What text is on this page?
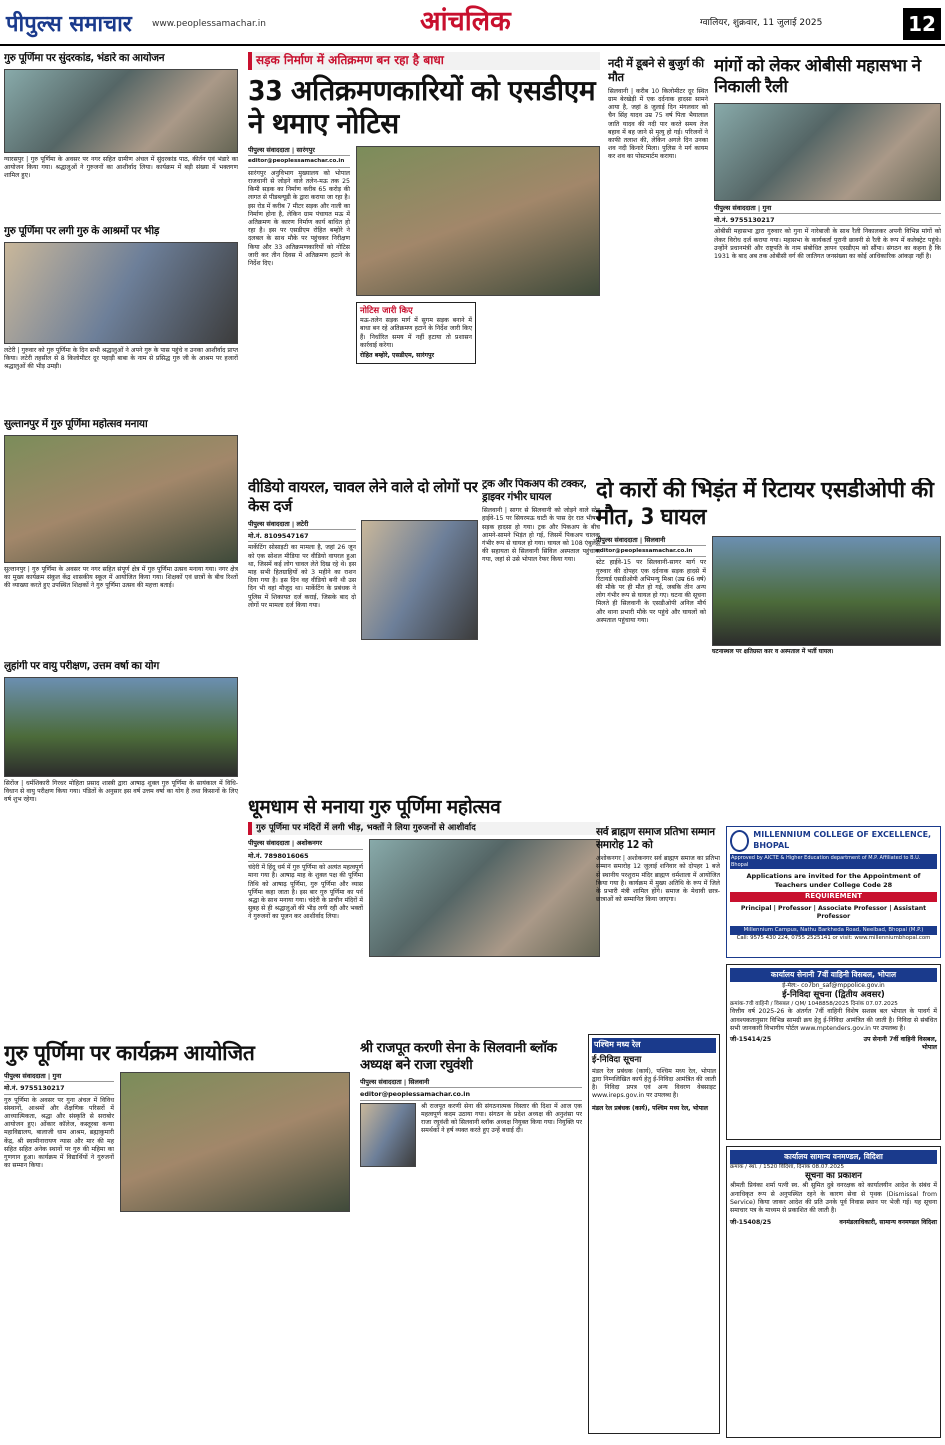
पीपुल्स समाचार www.peoplessamachar.in	आंचलिक	ग्वालियर, शुक्रवार, 11 जुलाई 2025	12
गुरु पूर्णिमा पर सुंदरकांड, भंडारे का आयोजन
ग्यारसपुर | गुरु पूर्णिमा के अवसर पर नगर सहित ग्रामीण अंचल में सुंदरकांड पाठ, कीर्तन एवं भंडारे का आयोजन किया गया। श्रद्धालुओं ने गुरुजनों का आशीर्वाद लिया। कार्यक्रम में बड़ी संख्या में भक्तगण शामिल हुए।
गुरु पूर्णिमा पर लगी गुरु के आश्रमों पर भीड़
लटेरी | गुरुवार को गुरु पूर्णिमा के दिन सभी श्रद्धालुओं ने अपने गुरु के पास पहुंचे व उनका आशीर्वाद प्राप्त किया। लटेरी तहसील से 8 किलोमीटर दूर पहाड़ी बाबा के नाम से प्रसिद्ध गुरु जी के आश्रम पर हजारों श्रद्धालुओं की भीड़ उमड़ी।
सुल्तानपुर में गुरु पूर्णिमा महोत्सव मनाया
सुल्तानपुर | गुरु पूर्णिमा के अवसर पर नगर सहित संपूर्ण क्षेत्र में गुरु पूर्णिमा उत्सव मनाया गया। नगर क्षेत्र का मुख्य कार्यक्रम संकुल केंद्र शासकीय स्कूल में आयोजित किया गया। शिक्षकों एवं छात्रों के बीच रिश्तों की व्याख्या करते हुए उपस्थित शिक्षकों ने गुरु पूर्णिमा उत्सव की महत्ता बताई।
लुहांगी पर वायु परीक्षण, उत्तम वर्षा का योग
सिरोंज | धर्मशिकारी गिरधर मोहिता प्रसाद शास्त्री द्वारा आषाढ़ शुक्ल गुरु पूर्णिमा के सायंकाल में विधि-विधान से वायु परीक्षण किया गया। पंडितों के अनुसार इस वर्ष उत्तम वर्षा का योग है तथा किसानों के लिए वर्ष शुभ रहेगा।
सड़क निर्माण में अतिक्रमण बन रहा है बाधा
33 अतिक्रमणकारियों को एसडीएम ने थमाए नोटिस
पीपुल्स संवाददाता | सारंगपुर
editor@peoplessamachar.co.in
सारंगपुर अनुविभाग मुख्यालय को भोपाल राजधानी से जोड़ने वाले तलेन-मऊ तक 25 किमी सड़क का निर्माण करीब 65 करोड़ की लागत से पीडब्ल्यूडी के द्वारा कराया जा रहा है। इस रोड में करीब 7 मीटर सड़क और नाली का निर्माण होना है, लेकिन ग्राम पंचायत मऊ में अतिक्रमण के कारण निर्माण कार्य बाधित हो रहा है। इस पर एसडीएम रोहित बम्होरे ने दलबल के साथ मौके पर पहुंचकर निरीक्षण किया और 33 अतिक्रमणकारियों को नोटिस जारी कर तीन दिवस में अतिक्रमण हटाने के निर्देश दिए।
नोटिस जारी किए
मऊ-तलेन सड़क मार्ग में सुगम सड़क बनाने में बाधा बन रहे अतिक्रमण हटाने के निर्देश जारी किए हैं। निर्धारित समय में नहीं हटाया तो प्रशासन कार्रवाई करेगा।
रोहित बम्होरे, एसडीएम, सारंगपुर
वीडियो वायरल, चावल लेने वाले दो लोगों पर केस दर्ज
पीपुल्स संवाददाता | लटेरी
मो.नं. 8109547167
मार्केटिंग सोसाइटी का मामला है, जहां 26 जून को एक सोशल मीडिया पर वीडियो वायरल हुआ था, जिसमें कई लोग चावल लेते दिख रहे थे। इस माह सभी हितग्राहियों को 3 महीने का राशन दिया गया है। इस दिन वह वीडियो बनी थी उस दिन भी वहां मौजूद था। मार्केटिंग के प्रबंधक ने पुलिस में शिकायत दर्ज कराई, जिसके बाद दो लोगों पर मामला दर्ज किया गया।
ट्रक और पिकअप की टक्कर, ड्राइवर गंभीर घायल
सिलवानी | सागर से सिलवानी को जोड़ने वाले स्टेट हाईवे-15 पर सियरमऊ घाटी के पास देर रात भीषण सड़क हादसा हो गया। ट्रक और पिकअप के बीच आमने-सामने भिड़ंत हो गई, जिसमें पिकअप चालक गंभीर रूप से घायल हो गया। घायल को 108 एंबुलेंस की सहायता से सिलवानी सिविल अस्पताल पहुंचाया गया, जहां से उसे भोपाल रेफर किया गया।
धूमधाम से मनाया गुरु पूर्णिमा महोत्सव
गुरु पूर्णिमा पर मंदिरों में लगी भीड़, भक्तों ने लिया गुरुजनों से आशीर्वाद
पीपुल्स संवाददाता | अशोकनगर
मो.नं. 7898016065
चंदेरी में हिंदू धर्म में गुरु पूर्णिमा को अत्यंत महत्वपूर्ण माना गया है। आषाढ़ माह के शुक्ल पक्ष की पूर्णिमा तिथि को आषाढ़ पूर्णिमा, गुरु पूर्णिमा और व्यास पूर्णिमा कहा जाता है। इस बार गुरु पूर्णिमा का पर्व श्रद्धा के साथ मनाया गया। चंदेरी के प्राचीन मंदिरों में सुबह से ही श्रद्धालुओं की भीड़ लगी रही और भक्तों ने गुरुजनों का पूजन कर आशीर्वाद लिया।
सर्व ब्राह्मण समाज प्रतिभा सम्मान समारोह 12 को
अशोकनगर | अशोकनगर सर्व ब्राह्मण समाज का प्रतिभा सम्मान समारोह 12 जुलाई शनिवार को दोपहर 1 बजे से स्थानीय परशुराम मंदिर ब्राह्मण धर्मशाला में आयोजित किया गया है। कार्यक्रम में मुख्य अतिथि के रूप में जिले के प्रभारी मंत्री शामिल होंगे। समाज के मेधावी छात्र-छात्राओं को सम्मानित किया जाएगा।
गुरु पूर्णिमा पर कार्यक्रम आयोजित
पीपुल्स संवाददाता | गुना
मो.नं. 9755130217
गुरु पूर्णिमा के अवसर पर गुना अंचल में विविध संस्थानों, आश्रमों और शैक्षणिक परिसरों में आध्यात्मिकता, श्रद्धा और संस्कृति से सराबोर आयोजन हुए। ओंकार कॉलेज, कस्तूरबा कन्या महाविद्यालय, बालाजी धाम आश्रम, ब्रह्माकुमारी केंद्र, श्री स्वामीनारायण न्यास और मार की मह सहित सहित अनेक स्थानों पर गुरु की महिमा का गुणगान हुआ। कार्यक्रम में विद्यार्थियों ने गुरुजनों का सम्मान किया।
श्री राजपूत करणी सेना के सिलवानी ब्लॉक अध्यक्ष बने राजा रघुवंशी
पीपुल्स संवाददाता | सिलवानी
editor@peoplessamachar.co.in
श्री राजपूत करणी सेना की संगठनात्मक विस्तार की दिशा में आज एक महत्वपूर्ण कदम उठाया गया। संगठन के प्रदेश अध्यक्ष की अनुशंसा पर राजा रघुवंशी को सिलवानी ब्लॉक अध्यक्ष नियुक्त किया गया। नियुक्ति पर समर्थकों ने हर्ष व्यक्त करते हुए उन्हें बधाई दी।
पश्चिम मध्य रेल
ई-निविदा सूचना
मंडल रेल प्रबंधक (कार्य), पश्चिम मध्य रेल, भोपाल द्वारा निम्नलिखित कार्य हेतु ई-निविदा आमंत्रित की जाती है। निविदा प्रपत्र एवं अन्य विवरण वेबसाइट www.ireps.gov.in पर उपलब्ध है।
मंडल रेल प्रबंधक (कार्य), पश्चिम मध्य रेल, भोपाल
नदी में डूबने से बुजुर्ग की मौत
सिलवानी | करीब 10 किलोमीटर दूर स्थित ग्राम बेरखेड़ी में एक दर्दनाक हादसा सामने आया है, जहां 8 जुलाई दिन मंगलवार को चैन सिंह यादव उम्र 75 वर्ष पिता भैयालाल जाति यादव की नदी पार करते समय तेज बहाव में बह जाने से मृत्यु हो गई। परिजनों ने काफी तलाश की, लेकिन अगले दिन उनका शव नदी किनारे मिला। पुलिस ने मर्ग कायम कर शव का पोस्टमार्टम कराया।
मांगों को लेकर ओबीसी महासभा ने निकाली रैली
पीपुल्स संवाददाता | गुना
मो.नं. 9755130217
ओबीसी महासभा द्वारा गुरुवार को गुना में नारेबाजी के साथ रैली निकालकर अपनी विभिन्न मांगों को लेकर विरोध दर्ज कराया गया। महासभा के कार्यकर्ता पुरानी छावनी से रैली के रूप में कलेक्ट्रेट पहुंचे। उन्होंने प्रधानमंत्री और राष्ट्रपति के नाम संबोधित ज्ञापन एसडीएम को सौंपा। संगठन का कहना है कि 1931 के बाद अब तक ओबीसी वर्ग की जातिगत जनसंख्या का कोई आधिकारिक आंकड़ा नहीं है।
दो कारों की भिड़ंत में रिटायर एसडीओपी की मौत, 3 घायल
पीपुल्स संवाददाता | सिलवानी
editor@peoplessamachar.co.in
स्टेट हाईवे-15 पर सिलवानी-सागर मार्ग पर गुरुवार की दोपहर एक दर्दनाक सड़क हादसे में रिटायर्ड एसडीओपी अभिमन्यु मिश्रा (उम्र 66 वर्ष) की मौके पर ही मौत हो गई, जबकि तीन अन्य लोग गंभीर रूप से घायल हो गए। घटना की सूचना मिलते ही सिलवानी के एसडीओपी अनिल मौर्य और थाना प्रभारी मौके पर पहुंचे और घायलों को अस्पताल पहुंचाया गया।
घटनास्थल पर क्षतिग्रस्त कार व अस्पताल में भर्ती घायल।
MILLENNIUM COLLEGE OF EXCELLENCE, BHOPAL
Approved by AICTE & Higher Education department of M.P. Affiliated to B.U. Bhopal
Applications are invited for the Appointment of Teachers under College Code 28
REQUIREMENT
Principal | Professor | Associate Professor | Assistant Professor
Millennium Campus, Nathu Barkheda Road, Neelbad, Bhopal (M.P.)
Call: 9575 430 224, 0755 2525141 or visit: www.millenniumbhopal.com
कार्यालय सेनानी 7वीं वाहिनी विसबल, भोपाल
ई-मेल:- co7bn_saf@mppolice.gov.in
ई-निविदा सूचना (द्वितीय अवसर)
क्रमांक-7वी वाहिनी / विसबल / QM/ 1048858/2025 दिनांक 07.07.2025
वित्तीय वर्ष 2025-26 के अंतर्गत 7वीं वाहिनी विशेष सशस्त्र बल भोपाल के पावर्ग में आवश्यकतानुसार विभिन्न सामग्री क्रय हेतु ई-निविदा आमंत्रित की जाती है। निविदा से संबंधित सभी जानकारी विभागीय पोर्टल www.mptenders.gov.in पर उपलब्ध है।
जी-15414/25	उप सेनानी 7वीं वाहिनी विसबल, भोपाल
कार्यालय सामान्य वनमण्डल, विदिशा
क्रमांक / स्था. / 1520 विदिशा, दिनांक 08.07.2025
सूचना का प्रकाशन
श्रीमती प्रियंका शर्मा पत्नी स्व. श्री सुमित दुबे वनरक्षक को कार्यालयीन आदेश के संबंध में अनाधिकृत रूप से अनुपस्थित रहने के कारण सेवा से पृथक (Dismissal from Service) किया जाकर आदेश की प्रति उनके पूर्व निवास स्थान पर भेजी गई। यह सूचना समाचार पत्र के माध्यम से प्रकाशित की जाती है।
जी-15408/25	वनमंडलाधिकारी, सामान्य वनमण्डल विदिशा
